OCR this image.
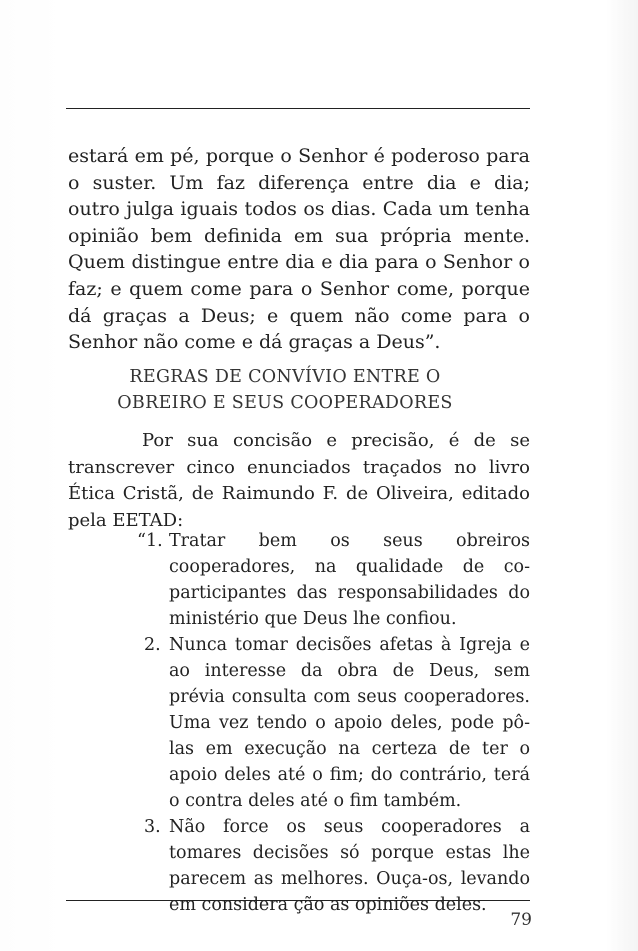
estará em pé, porque o Senhor é poderoso para o suster. Um faz diferença entre dia e dia; outro julga iguais todos os dias. Cada um tenha opinião bem definida em sua própria mente. Quem distingue entre dia e dia para o Senhor o faz; e quem come para o Senhor come, porque dá graças a Deus; e quem não come para o Senhor não come e dá graças a Deus”.

REGRAS DE CONVÍVIO ENTRE O
OBREIRO E SEUS COOPERADORES

Por sua concisão e precisão, é de se transcrever cinco enunciados traçados no livro Ética Cristã, de Raimundo F. de Oliveira, editado pela EETAD:

“1. Tratar bem os seus obreiros cooperadores, na qualidade de co-participantes das responsabilidades do ministério que Deus lhe confiou.
2. Nunca tomar decisões afetas à Igreja e ao interesse da obra de Deus, sem prévia consulta com seus cooperadores. Uma vez tendo o apoio deles, pode pô-las em execução na certeza de ter o apoio deles até o fim; do contrário, terá o contra deles até o fim também.
3. Não force os seus cooperadores a tomares decisões só porque estas lhe parecem as melhores. Ouça-os, levando em considera ção as opiniões deles.
79
